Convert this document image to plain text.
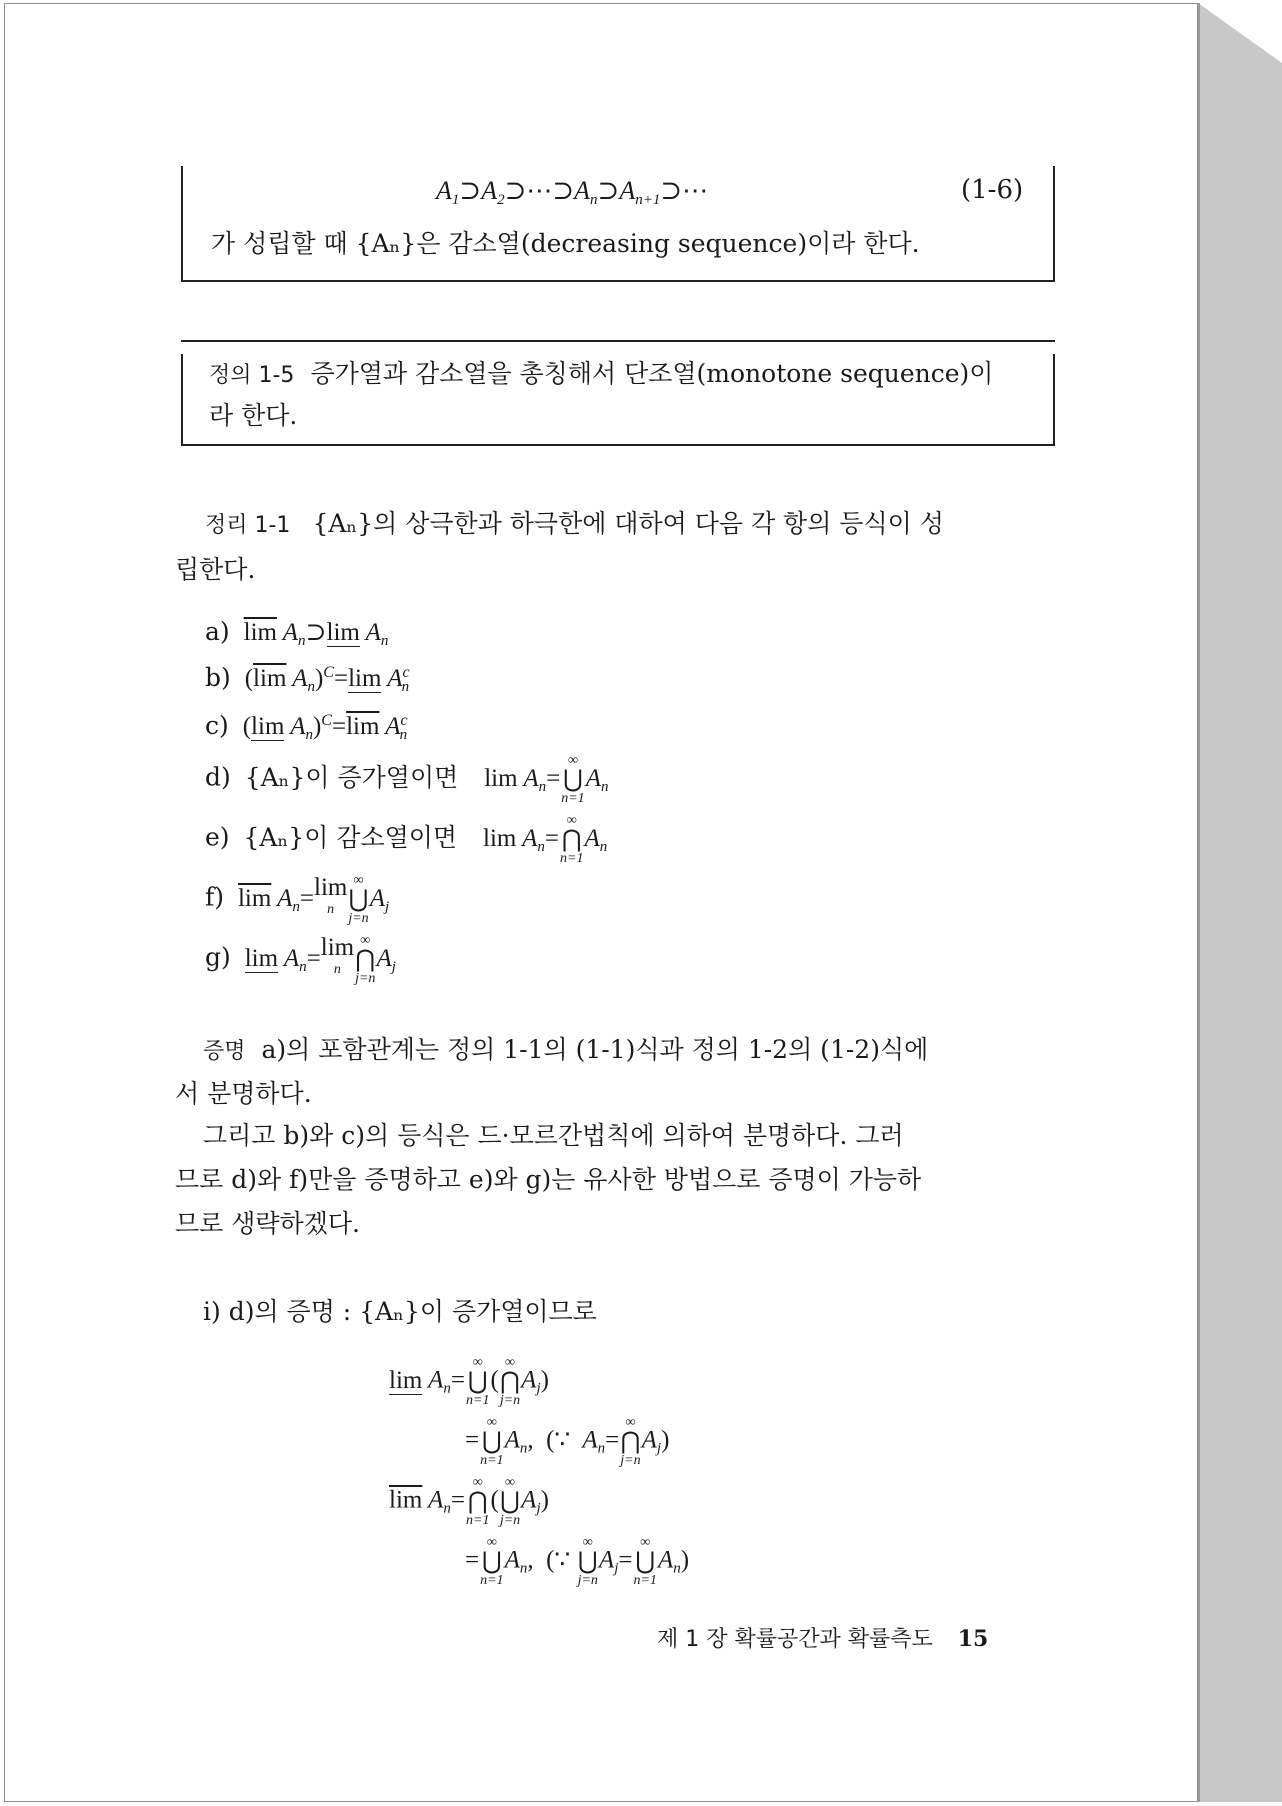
$A_1⊃A_2⊃\cdots⊃A_n⊃A_{n+1}⊃\cdots$	(1-6)
가 성립할 때 {Aₙ}은 감소열(decreasing sequence)이라 한다.
정의 1-5 증가열과 감소열을 총칭해서 단조열(monotone sequence)이
라 한다.
정리 1-1 {Aₙ}의 상극한과 하극한에 대하여 다음 각 항의 등식이 성
립한다.
a) $\overline{lim}$ $A_n⊃\lim$ $A_n$
b) ($\overline{lim}$ $A_n)^C=\lim$ $A^c_n$
c) (lim $A_n)^C=\overline{lim}$ $A^c_n$
d) {Aₙ}이 증가열이면 $\lim A_n=$
∞
⋃
n=1
$A_n$
e) {Aₙ}이 감소열이면 $\lim A_n=$
∞
⋂
n=1
$A_n$
f) $\overline{lim}$ $A_n= \lim$
n
∞
⋃
j=n
$A_j$
g) $\lim A_n= \lim$
n
∞
⋂
j=n
$A_j$
증명 a)의 포함관계는 정의 1-1의 (1-1)식과 정의 1-2의 (1-2)식에
서 분명하다.
그리고 b)와 c)의 등식은 드·모르간법칙에 의하여 분명하다. 그러
므로 d)와 f)만을 증명하고 e)와 g)는 유사한 방법으로 증명이 가능하
므로 생략하겠다.
i) d)의 증명 : {Aₙ}이 증가열이므로
$\lim A_n=$
∞
⋃
n=1
(
∞
⋂
j=n
$A_j$)
=
∞
⋃
n=1
$A_n$,  (∵  $A_n=$
∞
⋂
j=n
$A_j$)
$\overline{lim}$ $A_n=$
∞
⋂
n=1
(
∞
⋃
j=n
$A_j$)
=
∞
⋃
n=1
$A_n$,  (∵
∞
⋃
j=n
$A_j=$
∞
⋃
n=1
$A_n$)
제 1 장 확률공간과 확률측도 15
